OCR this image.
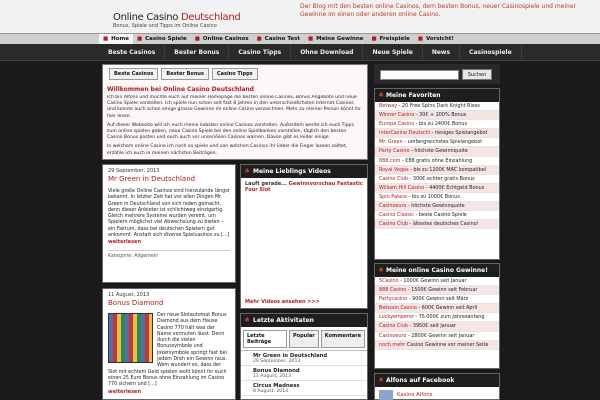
Online Casino Deutschland
Bonus, Spiele und Tipps im Online Casino
Der Blog mit den besten online Casinos, dem besten Bonus, neuer Casinospiele und meiner Gewinne im einen oder anderen online Casino.
■ Home	■ Casino Spiele	■ Online Casinos	■ Casino Test	■ Meine Gewinne	■ Freispiele	■ Vorsicht!
Beste Casinos	Bester Bonus	Casino Tipps	Ohne Download	Neue Spiele	News	Casinospiele
Beste Casinos	Bester Bonus	Casino Tipps
Willkommen bei Online Casino Deutschland

Ich bin Alfons und möchte euch auf meiner Homepage die besten online Casinos, Bonus Angebote und neue Casino Spiele vorstellen. Ich spiele nun schon seit fast 8 Jahren in den unterschiedlichsten Internet Casinos und konnte auch schon einige grosse Gewinne im online Casino verzeichnen. Mehr zu meiner Person könnt ihr hier lesen.

Auf dieser Webseite will ich euch meine liebsten online Casinos vorstellen. Außerdem werde ich euch Tipps zum online spielen geben, neue Casino Spiele bei den online Spielbanken vorstellen, täglich den besten Casino Bonus posten und euch auch vor unseriösen Casinos warnen. Davon gibt es leider einige.

In welchem online Casino ich noch so spiele und von welchen Casinos ihr lieber die Finger lassen solltet, erzähle ich euch in meinen nächsten Beiträgen.

29 September, 2013
Mr Green in Deutschland
Viele große Online Casinos sind hierzulande längst bekannt. In letzter Zeit hat vor allen Dingen Mr. Green in Deutschland von sich reden gemacht, denn dieser Anbieter ist schlichtweg einzigartig. Gleich mehrere Systeme wurden vereint, um Spielern möglichst viel Abwechslung zu bieten – ein Faktum, dass bei deutschen Spielern gut ankommt. Anstatt sich diverse Spielcasinos zu [...]
weiterlesen
Kategorie: Allgemein
11 August, 2013
Bonus Diamond
Der neue Slotautomat Bonus Diamond aus dem Hause Casino 770 hält was der Name vermuten lässt. Denn durch die vielen Bonussymbole und Jokersymbole springt fast bei jedem Dreh ein Gewinn raus. Wem wundert es, dass der Slot mit echtem Geld spielen wollt könnt ihr euch einen 25 Euro Bonus ohne Einzahlung im Casino 770 sichern und [...]
weiterlesen
♠ Meine Lieblings Videos
Lauft gerade... Gewinnvorschau Fantastic Four Slot
Mehr Videos ansehen >>>
♠ Letzte Aktivitaten
Letzte Beiträge
Popular	Kommentare
Mr Green in Deutschland
29 September, 2013
Bonus Diamond
11 August, 2013
Circus Madness
8 August, 2013
Suchen
♠ Meine Favoriten
Betway - 20 Free Spins Dark Knight Rises
Winner Casino - 30€ + 200% Bonus
Europa Casino - bis zu 2400€ Bonus
InterCasino Deutschl - riesiges Spielangebot
Mr. Green - umfangreichstes Spielangebot
Party Casino - höchste Gewinnquote
888.com - €88 gratis ohne Einzahlung
Royal Vegas - bis zu 1200€ MAC kompatibel
Casino Club - 300€ echter gratis Bonus
William Hill Casino - 4400€ Echtgeld Bonus
Spin Palace - bis zu 1000€ Bonus
Casinoeuro - höchste Gewinnquote
Casino Classic - beste Casino Spiele
Casino Club - ältestes deutsches Casino!
♠ Meine online Casino Gewinne!
5Casino - 1000€ Gewinn seit Januar
888 Casino - 1500€ Gewinn seit Februar
Partycasino - 900€ Gewinn seit März
Betsoon Casino - 600€ Gewinn seit April
Luckyemperor - 75.000€ zum Jahresanfang
Casino Club - 3950€ seit Januar
Casinoeuro - 2800€ Gewinn seit Januar
noch mehr Casino Gewinne vor meiner Seite
♠ Alfons auf Facebook
Kasino Alfons
